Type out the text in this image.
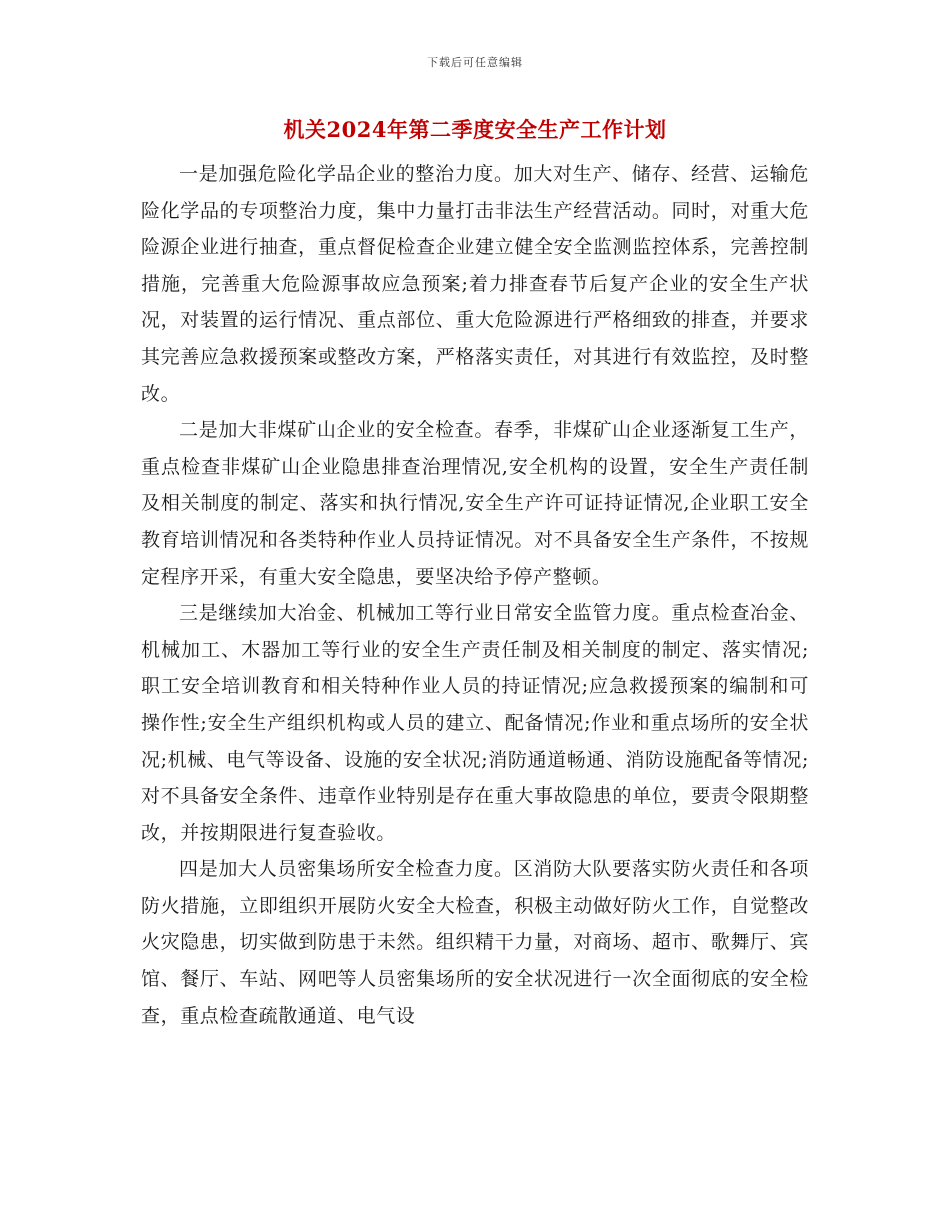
下载后可任意编辑
机关2024年第二季度安全生产工作计划

一是加强危险化学品企业的整治力度。加大对生产、储存、经营、运输危险化学品的专项整治力度，集中力量打击非法生产经营活动。同时，对重大危险源企业进行抽查，重点督促检查企业建立健全安全监测监控体系，完善控制措施，完善重大危险源事故应急预案;着力排查春节后复产企业的安全生产状况，对装置的运行情况、重点部位、重大危险源进行严格细致的排查，并要求其完善应急救援预案或整改方案，严格落实责任，对其进行有效监控，及时整改。

二是加大非煤矿山企业的安全检查。春季，非煤矿山企业逐渐复工生产，重点检查非煤矿山企业隐患排查治理情况,安全机构的设置，安全生产责任制及相关制度的制定、落实和执行情况,安全生产许可证持证情况,企业职工安全教育培训情况和各类特种作业人员持证情况。对不具备安全生产条件，不按规定程序开采，有重大安全隐患，要坚决给予停产整顿。

三是继续加大冶金、机械加工等行业日常安全监管力度。重点检查冶金、机械加工、木器加工等行业的安全生产责任制及相关制度的制定、落实情况;职工安全培训教育和相关特种作业人员的持证情况;应急救援预案的编制和可操作性;安全生产组织机构或人员的建立、配备情况;作业和重点场所的安全状况;机械、电气等设备、设施的安全状况;消防通道畅通、消防设施配备等情况;对不具备安全条件、违章作业特别是存在重大事故隐患的单位，要责令限期整改，并按期限进行复查验收。

四是加大人员密集场所安全检查力度。区消防大队要落实防火责任和各项防火措施，立即组织开展防火安全大检查，积极主动做好防火工作，自觉整改火灾隐患，切实做到防患于未然。组织精干力量，对商场、超市、歌舞厅、宾馆、餐厅、车站、网吧等人员密集场所的安全状况进行一次全面彻底的安全检查，重点检查疏散通道、电气设
